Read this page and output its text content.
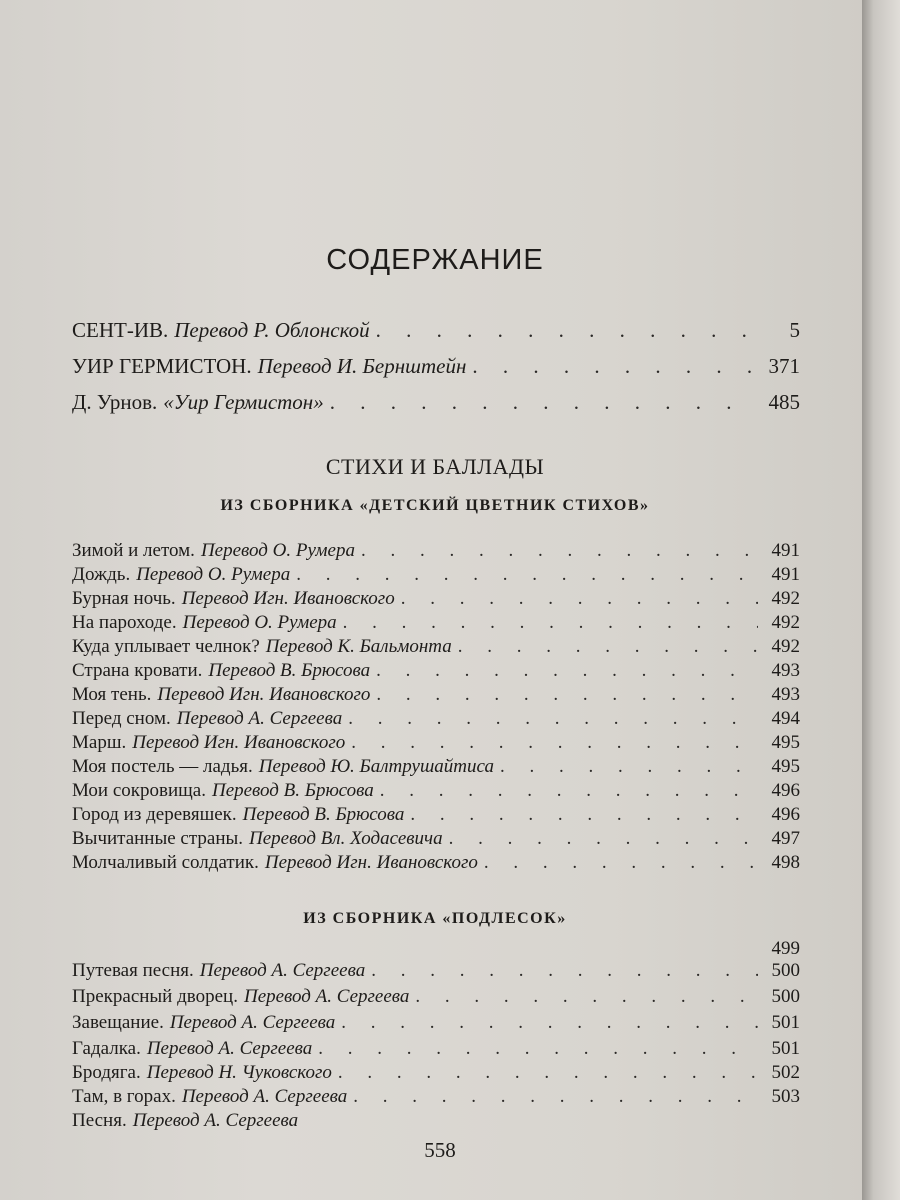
СОДЕРЖАНИЕ
СЕНТ-ИВ. Перевод Р. Облонской . . .	5
УИР ГЕРМИСТОН. Перевод И. Бернштейн . . .	371
Д. Урнов. «Уир Гермистон» . . .	485
СТИХИ И БАЛЛАДЫ
ИЗ СБОРНИКА «ДЕТСКИЙ ЦВЕТНИК СТИХОВ»
Зимой и летом. Перевод О. Румера . . .	491
Дождь. Перевод О. Румера . . .	491
Бурная ночь. Перевод Игн. Ивановского . . .	492
На пароходе. Перевод О. Румера . . .	492
Куда уплывает челнок? Перевод К. Бальмонта . . .	492
Страна кровати. Перевод В. Брюсова . . .	493
Моя тень. Перевод Игн. Ивановского . . .	493
Перед сном. Перевод А. Сергеева . . .	494
Марш. Перевод Игн. Ивановского . . .	495
Моя постель — ладья. Перевод Ю. Балтрушайтиса . . .	495
Мои сокровища. Перевод В. Брюсова . . .	496
Город из деревяшек. Перевод В. Брюсова . . .	496
Вычитанные страны. Перевод Вл. Ходасевича . . .	497
Молчаливый солдатик. Перевод Игн. Ивановского . . .	498
ИЗ СБОРНИКА «ПОДЛЕСОК»
499
Путевая песня. Перевод А. Сергеева . . .	500
Прекрасный дворец. Перевод А. Сергеева . . .	500
Завещание. Перевод А. Сергеева . . .	501
Гадалка. Перевод А. Сергеева . . .	501
Бродяга. Перевод Н. Чуковского . . .	502
Там, в горах. Перевод А. Сергеева . . .	503
Песня. Перевод А. Сергеева
558
